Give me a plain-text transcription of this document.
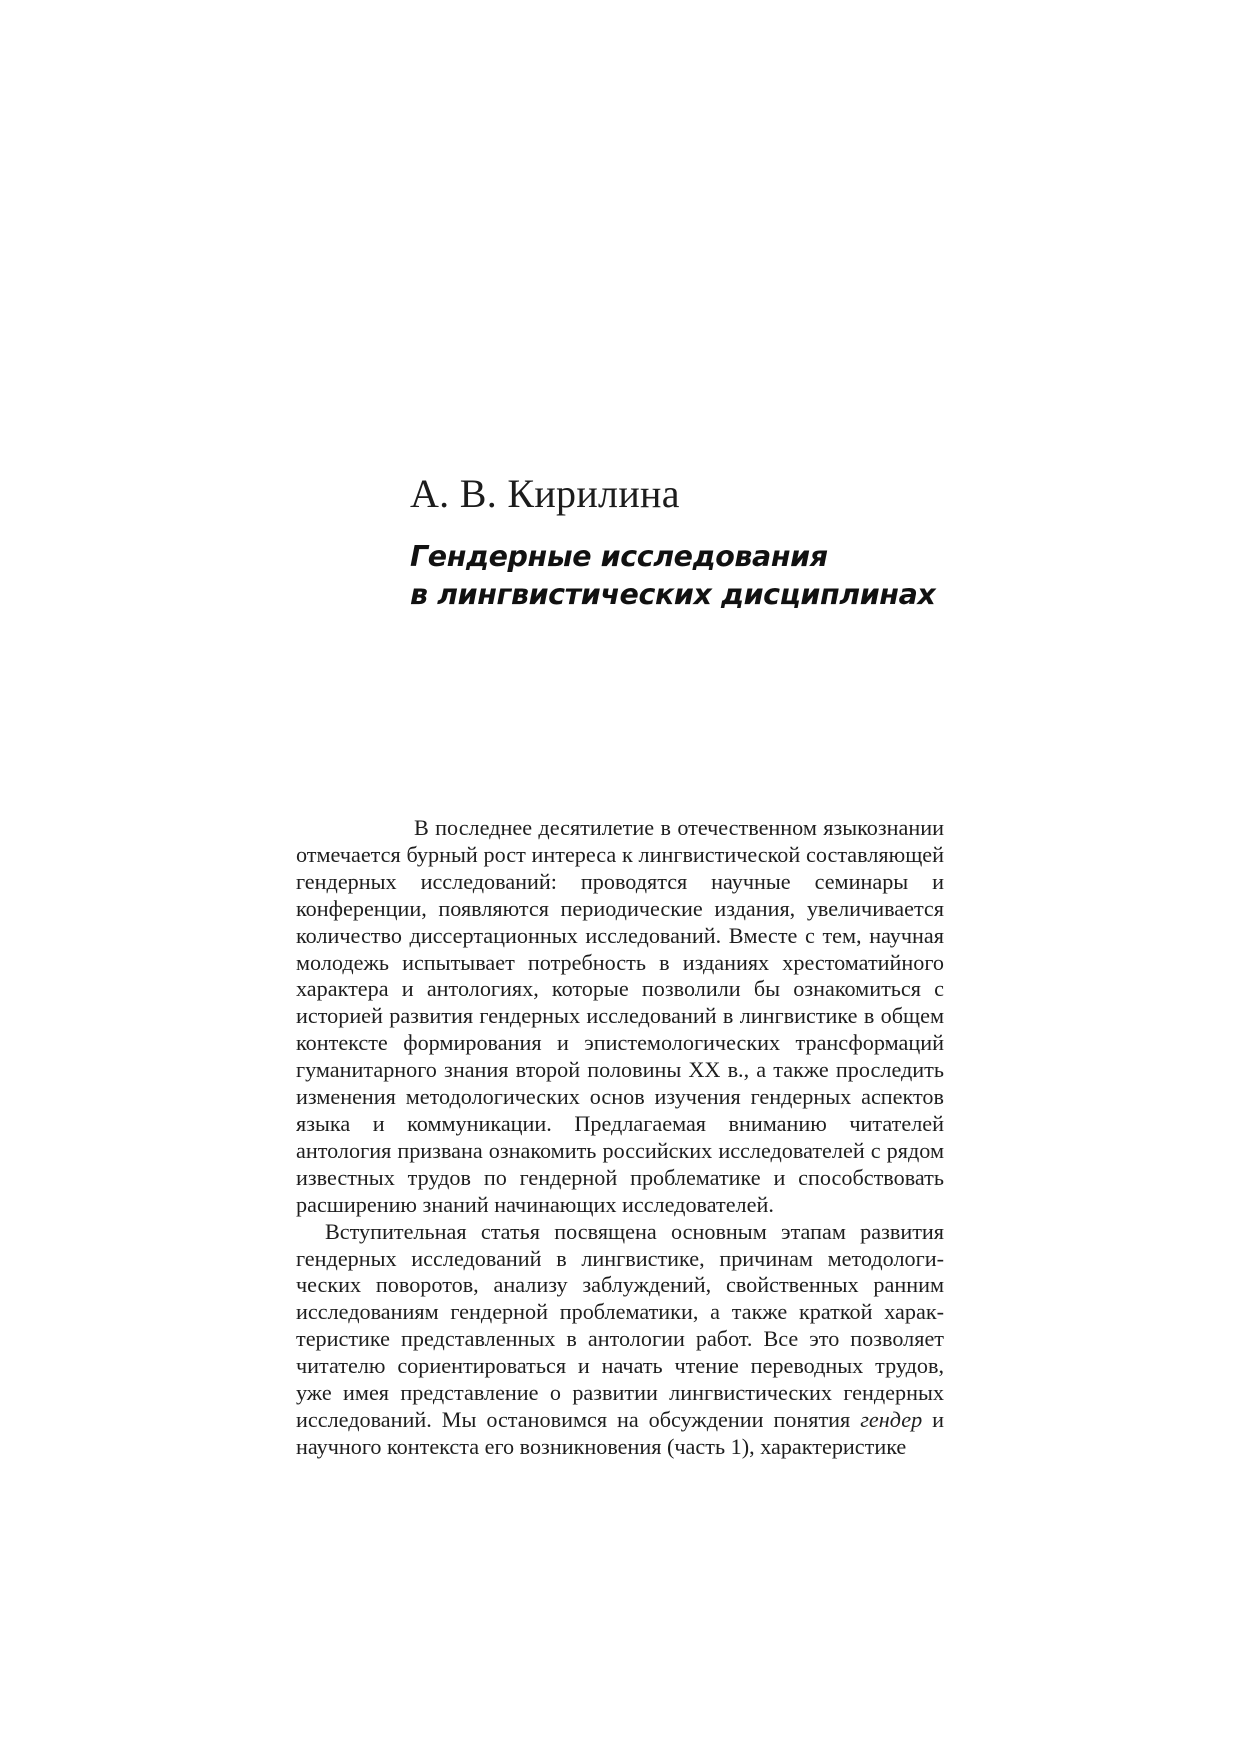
А. В. Кирилина
Гендерные исследования
в лингвистических дисциплинах

В последнее десятилетие в отечественном языкознании отмечается бурный рост интереса к лингвистической составляющей гендерных исследований: проводятся научные семинары и конференции, появляются периодические издания, увеличивается количество диссертационных исследований. Вместе с тем, научная молодежь испытывает потребность в изданиях хрестоматийного характера и антологиях, которые позволили бы ознакомиться с историей развития гендерных исследований в лингвистике в общем контексте формирования и эпистемологических трансформаций гуманитарного знания второй половины XX в., а также проследить изменения методологических основ изучения гендерных аспектов языка и коммуникации. Предлагаемая вниманию читателей антология призвана ознакомить российских исследователей с рядом известных трудов по гендерной проблематике и способствовать расширению знаний начинающих исследователей.

Вступительная статья посвящена основным этапам развития гендерных исследований в лингвистике, причинам методологических поворотов, анализу заблуждений, свойственных ранним исследованиям гендерной проблематики, а также краткой характеристике представленных в антологии работ. Все это позволяет читателю сориентироваться и начать чтение переводных трудов, уже имея представление о развитии лингвистических гендерных исследований. Мы остановимся на обсуждении понятия гендер и научного контекста его возникновения (часть 1), характеристике
